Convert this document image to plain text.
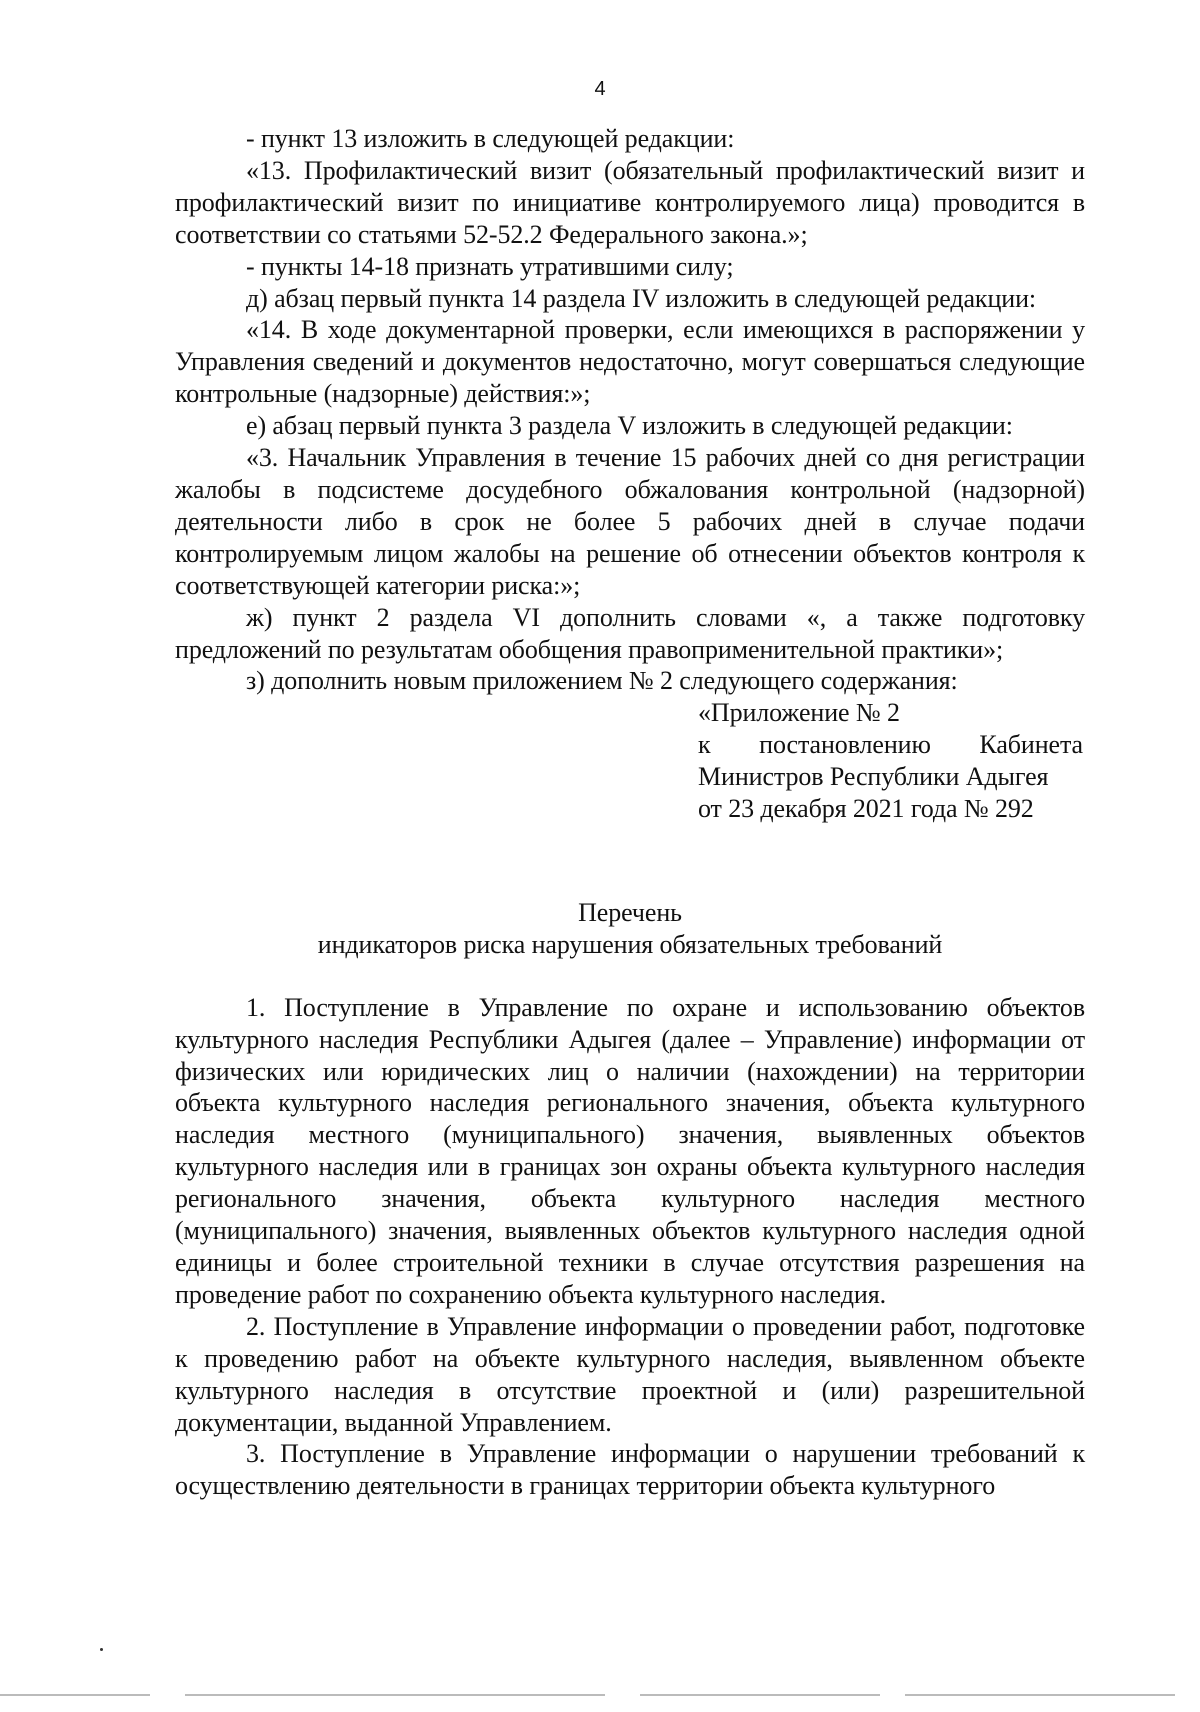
4

- пункт 13 изложить в следующей редакции:

«13. Профилактический визит (обязательный профилактический визит и профилактический визит по инициативе контролируемого лица) проводится в соответствии со статьями 52-52.2 Федерального закона.»;

- пункты 14-18 признать утратившими силу;

д) абзац первый пункта 14 раздела IV изложить в следующей редакции:

«14. В ходе документарной проверки, если имеющихся в распоряжении у Управления сведений и документов недостаточно, могут совершаться следующие контрольные (надзорные) действия:»;

е) абзац первый пункта 3 раздела V изложить в следующей редакции:

«3. Начальник Управления в течение 15 рабочих дней со дня регистрации жалобы в подсистеме досудебного обжалования контрольной (надзорной) деятельности либо в срок не более 5 рабочих дней в случае подачи контролируемым лицом жалобы на решение об отнесении объектов контроля к соответствующей категории риска:»;

ж) пункт 2 раздела VI дополнить словами «, а также подготовку предложений по результатам обобщения правоприменительной практики»;

з) дополнить новым приложением № 2 следующего содержания:

«Приложение № 2
к постановлению Кабинета
Министров Республики Адыгея
от 23 декабря 2021 года № 292
Перечень
индикаторов риска нарушения обязательных требований

1. Поступление в Управление по охране и использованию объектов культурного наследия Республики Адыгея (далее – Управление) информации от физических или юридических лиц о наличии (нахождении) на территории объекта культурного наследия регионального значения, объекта культурного наследия местного (муниципального) значения, выявленных объектов культурного наследия или в границах зон охраны объекта культурного наследия регионального значения, объекта культурного наследия местного (муниципального) значения, выявленных объектов культурного наследия одной единицы и более строительной техники в случае отсутствия разрешения на проведение работ по сохранению объекта культурного наследия.

2. Поступление в Управление информации о проведении работ, подготовке к проведению работ на объекте культурного наследия, выявленном объекте культурного наследия в отсутствие проектной и (или) разрешительной документации, выданной Управлением.

3. Поступление в Управление информации о нарушении требований к осуществлению деятельности в границах территории объекта культурного
